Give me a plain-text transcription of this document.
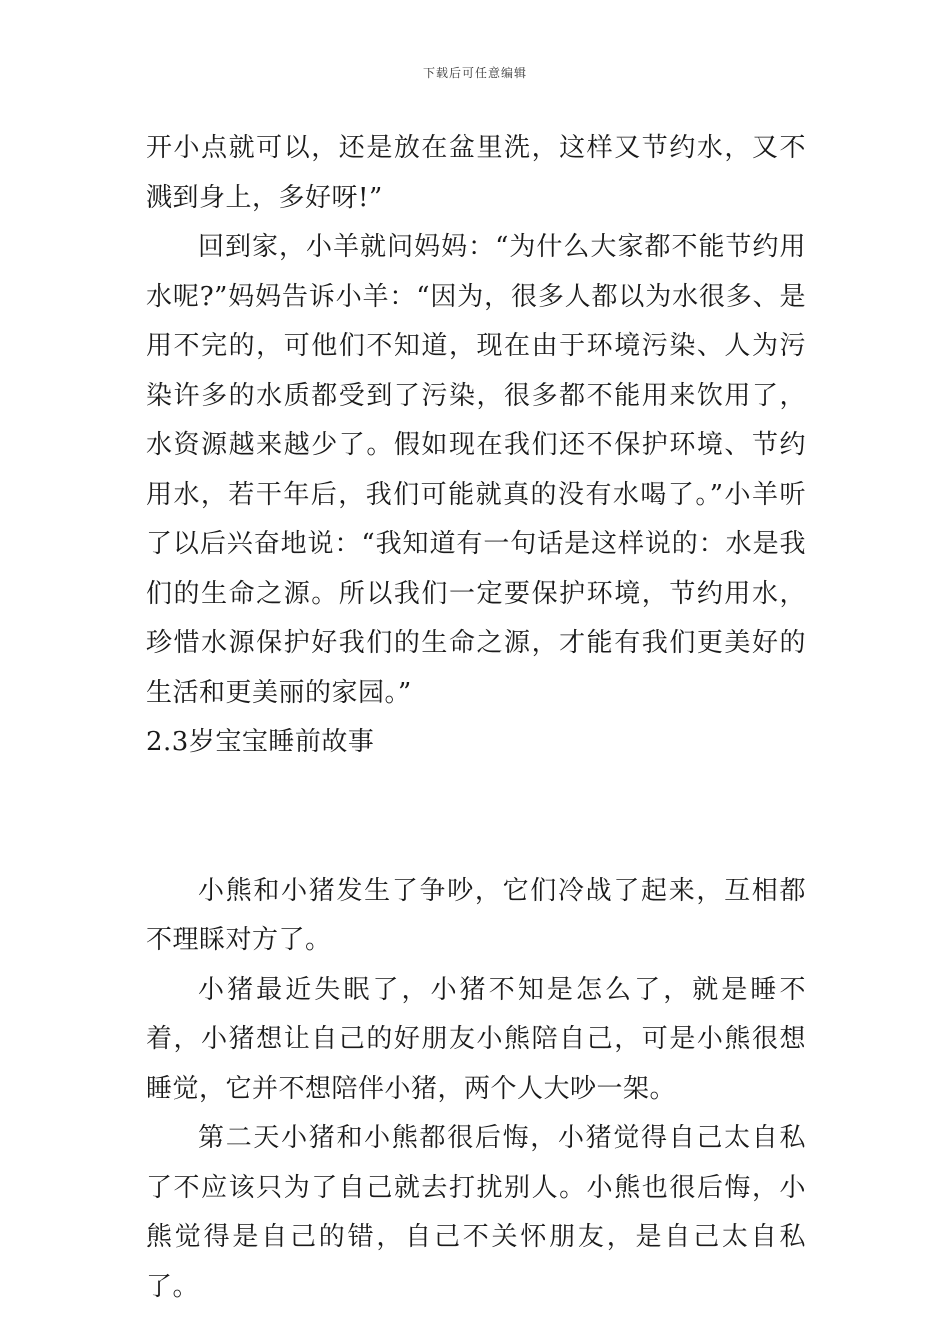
下载后可任意编辑

开小点就可以，还是放在盆里洗，这样又节约水，又不溅到身上，多好呀!”

回到家，小羊就问妈妈：“为什么大家都不能节约用水呢?”妈妈告诉小羊：“因为，很多人都以为水很多、是用不完的，可他们不知道，现在由于环境污染、人为污染许多的水质都受到了污染，很多都不能用来饮用了，水资源越来越少了。假如现在我们还不保护环境、节约用水，若干年后，我们可能就真的没有水喝了。”小羊听了以后兴奋地说：“我知道有一句话是这样说的：水是我们的生命之源。所以我们一定要保护环境，节约用水，珍惜水源保护好我们的生命之源，才能有我们更美好的生活和更美丽的家园。”

2.3岁宝宝睡前故事

小熊和小猪发生了争吵，它们冷战了起来，互相都不理睬对方了。

小猪最近失眠了，小猪不知是怎么了，就是睡不着，小猪想让自己的好朋友小熊陪自己，可是小熊很想睡觉，它并不想陪伴小猪，两个人大吵一架。

第二天小猪和小熊都很后悔，小猪觉得自己太自私了不应该只为了自己就去打扰别人。小熊也很后悔，小熊觉得是自己的错，自己不关怀朋友，是自己太自私了。
